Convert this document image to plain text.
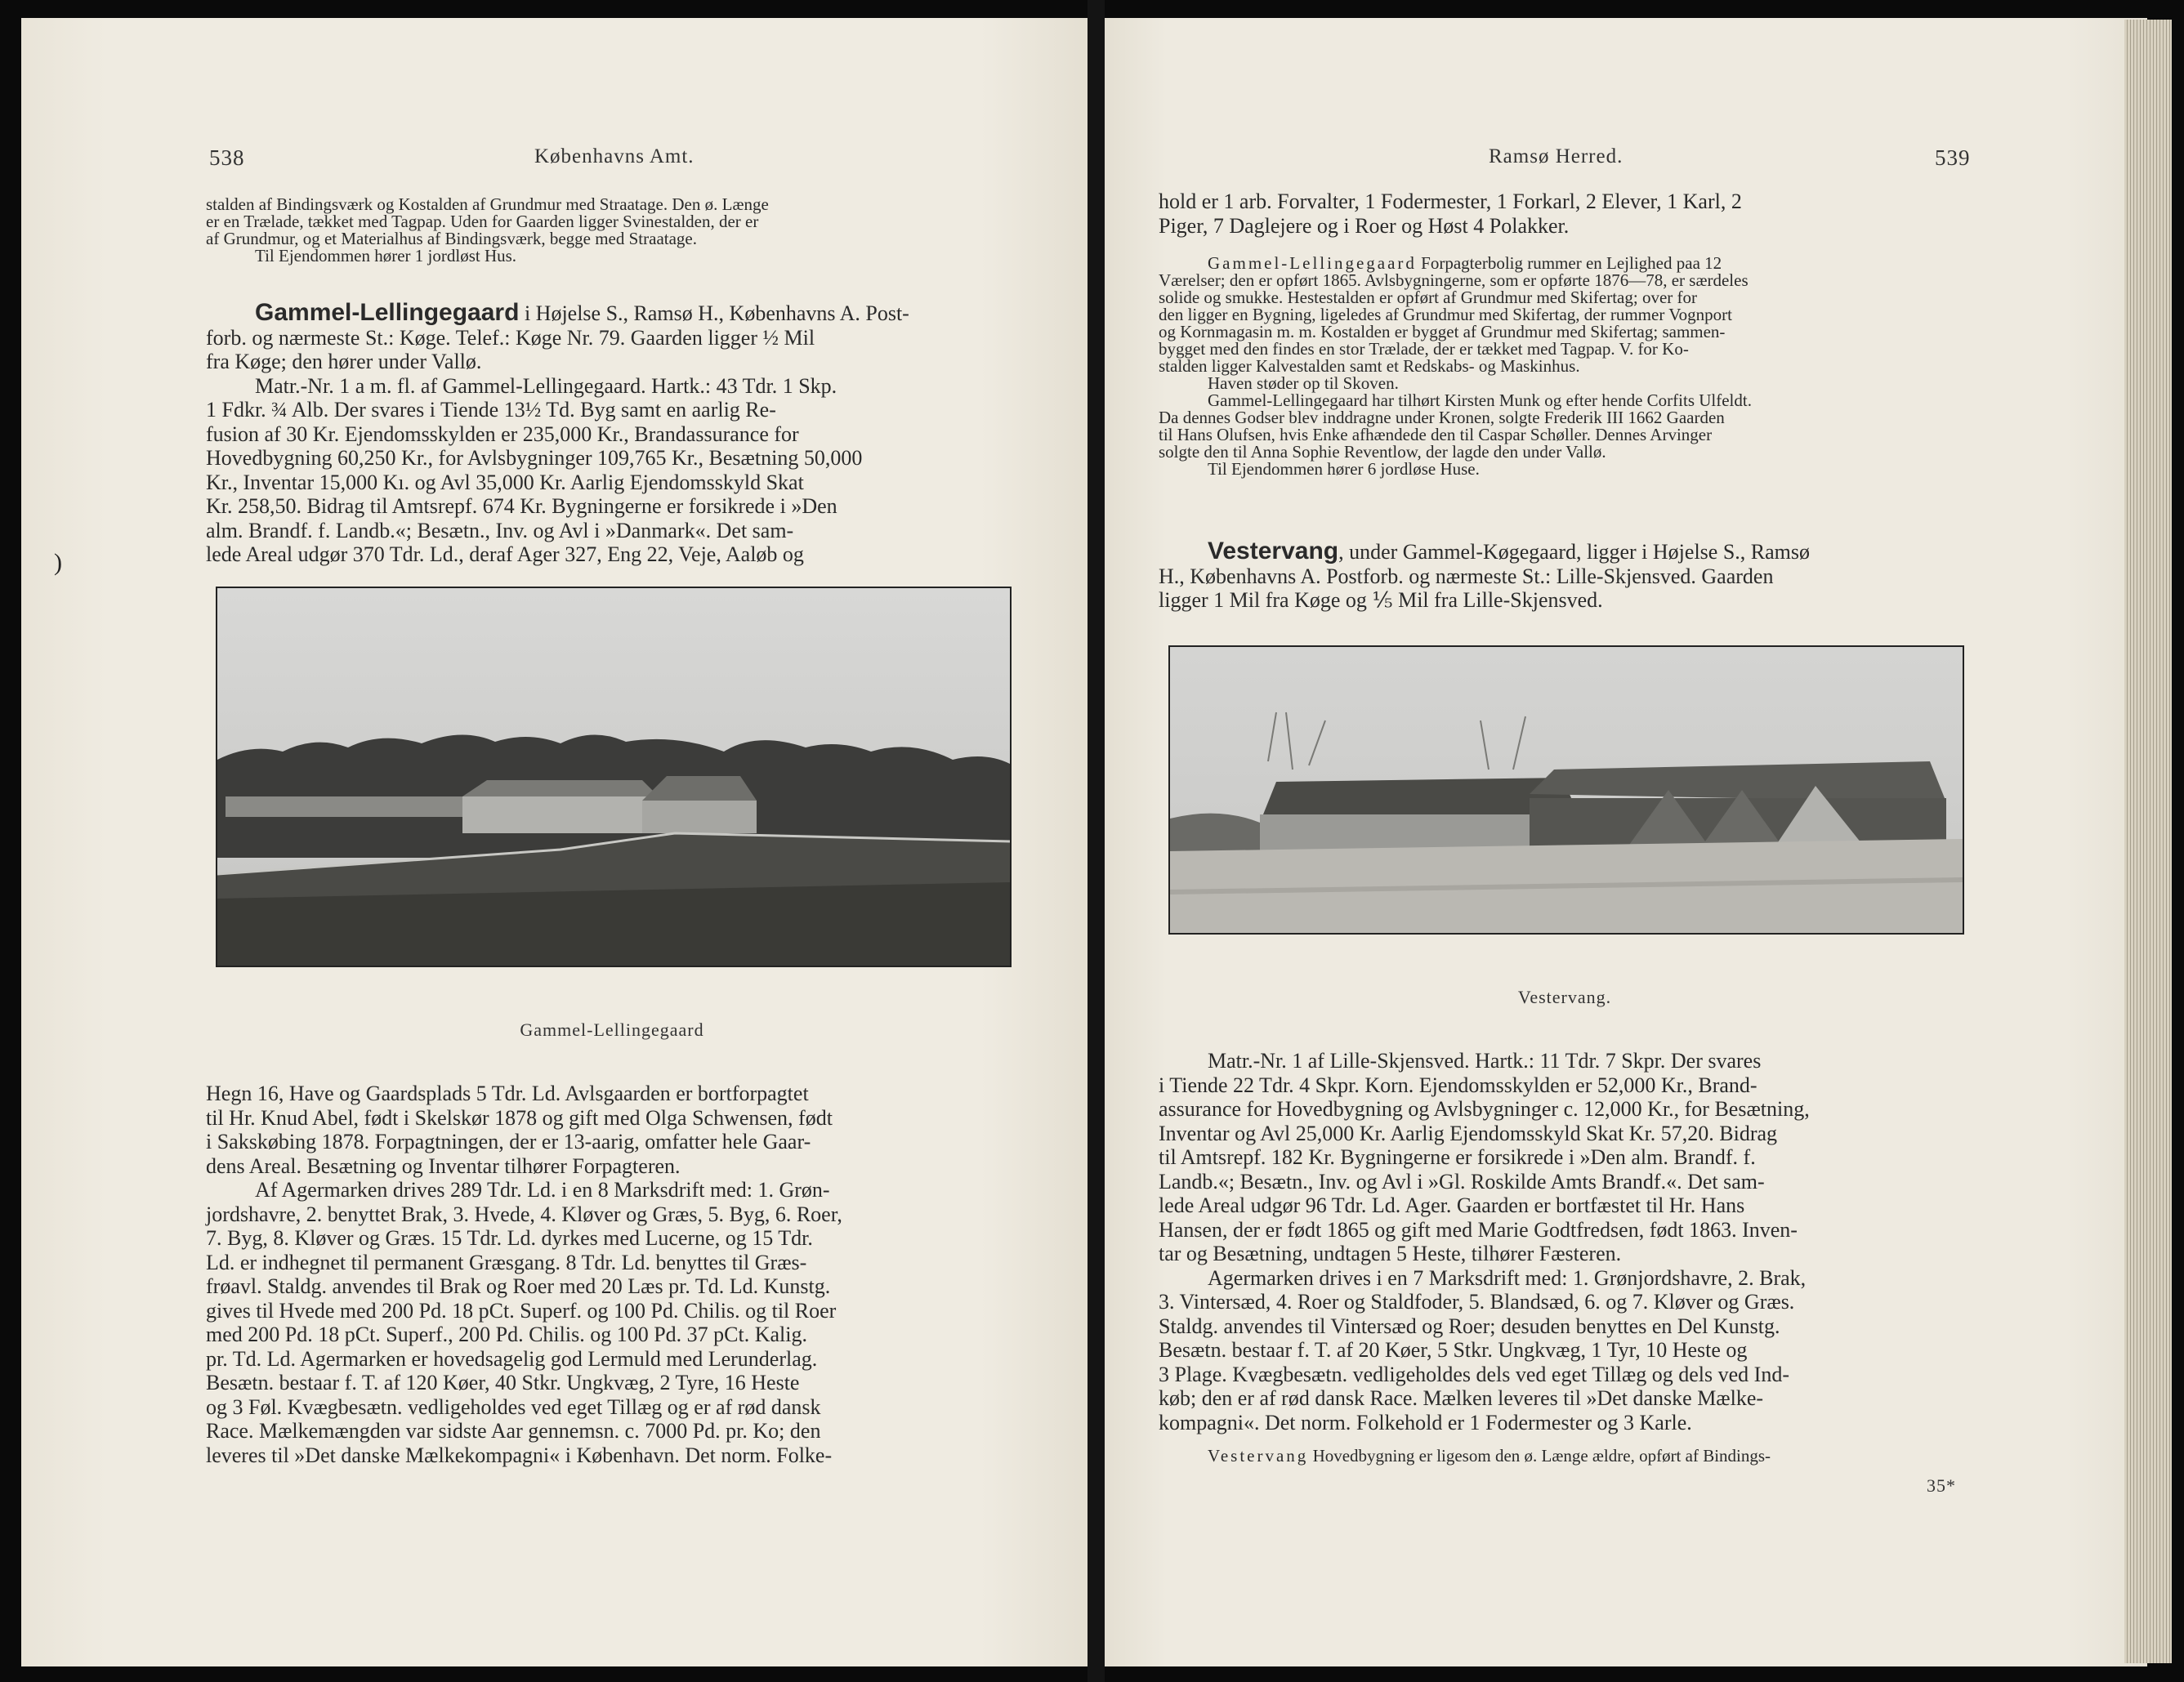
538	Københavns Amt.

stalden af Bindingsværk og Kostalden af Grundmur med Straatage. Den ø. Længe

er en Trælade, tækket med Tagpap. Uden for Gaarden ligger Svinestalden, der er

af Grundmur, og et Materialhus af Bindingsværk, begge med Straatage.

Til Ejendommen hører 1 jordløst Hus.

Gammel-Lellingegaard i Højelse S., Ramsø H., Københavns A. Post-

forb. og nærmeste St.: Køge. Telef.: Køge Nr. 79. Gaarden ligger ½ Mil

fra Køge; den hører under Vallø.

Matr.-Nr. 1 a m. fl. af Gammel-Lellingegaard. Hartk.: 43 Tdr. 1 Skp.

1 Fdkr. ¾ Alb. Der svares i Tiende 13½ Td. Byg samt en aarlig Re-

fusion af 30 Kr. Ejendomsskylden er 235,000 Kr., Brandassurance for

Hovedbygning 60,250 Kr., for Avlsbygninger 109,765 Kr., Besætning 50,000

Kr., Inventar 15,000 Kı. og Avl 35,000 Kr. Aarlig Ejendomsskyld Skat

Kr. 258,50. Bidrag til Amtsrepf. 674 Kr. Bygningerne er forsikrede i »Den

alm. Brandf. f. Landb.«; Besætn., Inv. og Avl i »Danmark«. Det sam-

lede Areal udgør 370 Tdr. Ld., deraf Ager 327, Eng 22, Veje, Aaløb og

Gammel-Lellingegaard

Hegn 16, Have og Gaardsplads 5 Tdr. Ld. Avlsgaarden er bortforpagtet

til Hr. Knud Abel, født i Skelskør 1878 og gift med Olga Schwensen, født

i Sakskøbing 1878. Forpagtningen, der er 13-aarig, omfatter hele Gaar-

dens Areal. Besætning og Inventar tilhører Forpagteren.

Af Agermarken drives 289 Tdr. Ld. i en 8 Marksdrift med: 1. Grøn-

jordshavre, 2. benyttet Brak, 3. Hvede, 4. Kløver og Græs, 5. Byg, 6. Roer,

7. Byg, 8. Kløver og Græs. 15 Tdr. Ld. dyrkes med Lucerne, og 15 Tdr.

Ld. er indhegnet til permanent Græsgang. 8 Tdr. Ld. benyttes til Græs-

frøavl. Staldg. anvendes til Brak og Roer med 20 Læs pr. Td. Ld. Kunstg.

gives til Hvede med 200 Pd. 18 pCt. Superf. og 100 Pd. Chilis. og til Roer

med 200 Pd. 18 pCt. Superf., 200 Pd. Chilis. og 100 Pd. 37 pCt. Kalig.

pr. Td. Ld. Agermarken er hovedsagelig god Lermuld med Lerunderlag.

Besætn. bestaar f. T. af 120 Køer, 40 Stkr. Ungkvæg, 2 Tyre, 16 Heste

og 3 Føl. Kvægbesætn. vedligeholdes ved eget Tillæg og er af rød dansk

Race. Mælkemængden var sidste Aar gennemsn. c. 7000 Pd. pr. Ko; den

leveres til »Det danske Mælkekompagni« i København. Det norm. Folke-

)
Ramsø Herred.	539

hold er 1 arb. Forvalter, 1 Fodermester, 1 Forkarl, 2 Elever, 1 Karl, 2

Piger, 7 Daglejere og i Roer og Høst 4 Polakker.

Gammel-Lellingegaard Forpagterbolig rummer en Lejlighed paa 12

Værelser; den er opført 1865. Avlsbygningerne, som er opførte 1876—78, er særdeles

solide og smukke. Hestestalden er opført af Grundmur med Skifertag; over for

den ligger en Bygning, ligeledes af Grundmur med Skifertag, der rummer Vognport

og Kornmagasin m. m. Kostalden er bygget af Grundmur med Skifertag; sammen-

bygget med den findes en stor Trælade, der er tækket med Tagpap. V. for Ko-

stalden ligger Kalvestalden samt et Redskabs- og Maskinhus.

Haven støder op til Skoven.

Gammel-Lellingegaard har tilhørt Kirsten Munk og efter hende Corfits Ulfeldt.

Da dennes Godser blev inddragne under Kronen, solgte Frederik III 1662 Gaarden

til Hans Olufsen, hvis Enke afhændede den til Caspar Schøller. Dennes Arvinger

solgte den til Anna Sophie Reventlow, der lagde den under Vallø.

Til Ejendommen hører 6 jordløse Huse.

Vestervang, under Gammel-Køgegaard, ligger i Højelse S., Ramsø

H., Københavns A. Postforb. og nærmeste St.: Lille-Skjensved. Gaarden

ligger 1 Mil fra Køge og ⅕ Mil fra Lille-Skjensved.

Vestervang.

Matr.-Nr. 1 af Lille-Skjensved. Hartk.: 11 Tdr. 7 Skpr. Der svares

i Tiende 22 Tdr. 4 Skpr. Korn. Ejendomsskylden er 52,000 Kr., Brand-

assurance for Hovedbygning og Avlsbygninger c. 12,000 Kr., for Besætning,

Inventar og Avl 25,000 Kr. Aarlig Ejendomsskyld Skat Kr. 57,20. Bidrag

til Amtsrepf. 182 Kr. Bygningerne er forsikrede i »Den alm. Brandf. f.

Landb.«; Besætn., Inv. og Avl i »Gl. Roskilde Amts Brandf.«. Det sam-

lede Areal udgør 96 Tdr. Ld. Ager. Gaarden er bortfæstet til Hr. Hans

Hansen, der er født 1865 og gift med Marie Godtfredsen, født 1863. Inven-

tar og Besætning, undtagen 5 Heste, tilhører Fæsteren.

Agermarken drives i en 7 Marksdrift med: 1. Grønjordshavre, 2. Brak,

3. Vintersæd, 4. Roer og Staldfoder, 5. Blandsæd, 6. og 7. Kløver og Græs.

Staldg. anvendes til Vintersæd og Roer; desuden benyttes en Del Kunstg.

Besætn. bestaar f. T. af 20 Køer, 5 Stkr. Ungkvæg, 1 Tyr, 10 Heste og

3 Plage. Kvægbesætn. vedligeholdes dels ved eget Tillæg og dels ved Ind-

køb; den er af rød dansk Race. Mælken leveres til »Det danske Mælke-

kompagni«. Det norm. Folkehold er 1 Fodermester og 3 Karle.

Vestervang Hovedbygning er ligesom den ø. Længe ældre, opført af Bindings-

35*
